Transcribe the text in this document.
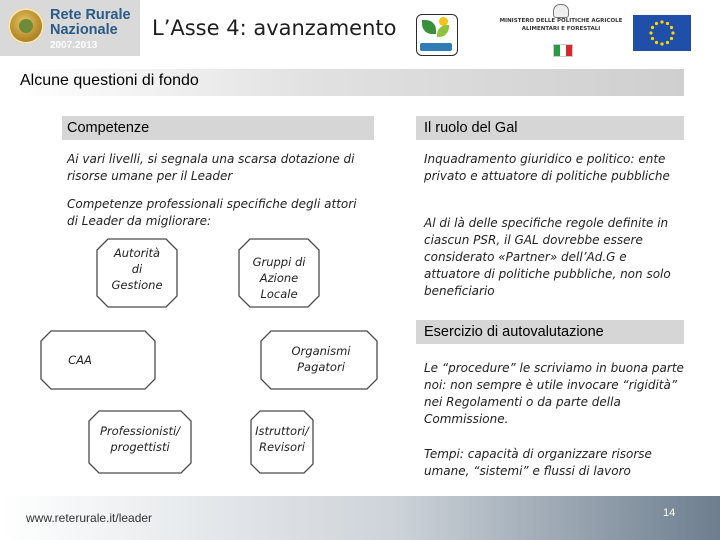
Rete Rurale
Nazionale
2007.2013
L’Asse 4: avanzamento	MINISTERO DELLE POLITICHE AGRICOLE
ALIMENTARI E FORESTALI
Alcune questioni di fondo
Competenze
Ai vari livelli, si segnala una scarsa dotazione di risorse umane per il Leader
Competenze professionali specifiche degli attori di Leader da migliorare:
Autorità
di
Gestione
Gruppi di
Azione
Locale
CAA
Organismi
Pagatori
Professionisti/
progettisti
Istruttori/
Revisori
Il ruolo del Gal
Inquadramento giuridico e politico: ente privato e attuatore di politiche pubbliche
Al di là delle specifiche regole definite in ciascun PSR, il GAL dovrebbe essere considerato «Partner» dell’Ad.G e attuatore di politiche pubbliche, non solo beneficiario
Esercizio di autovalutazione
Le “procedure” le scriviamo in buona parte noi: non sempre è utile invocare “rigidità” nei Regolamenti o da parte della Commissione.
Tempi: capacità di organizzare risorse umane, “sistemi” e flussi di lavoro
www.reterurale.it/leader	14
